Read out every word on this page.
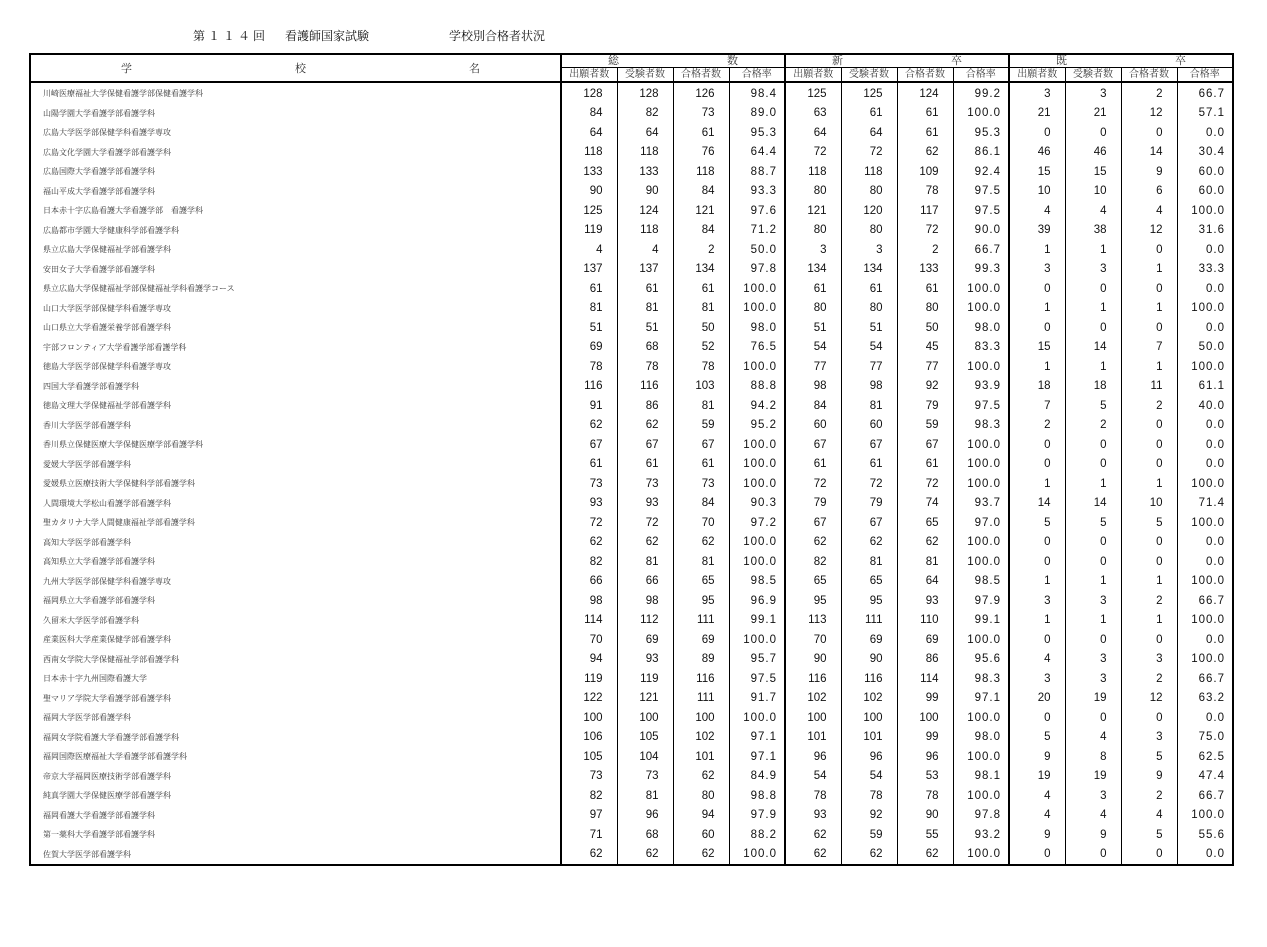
第１１４回 看護師国家試験	学校別合格者状況
学 校 名	総 数				新 卒				既 卒			

	出願者数	受験者数	合格者数	合格率	出願者数	受験者数	合格者数	合格率	出願者数	受験者数	合格者数	合格率
川崎医療福祉大学保健看護学部保健看護学科	128	128	126	98.4	125	125	124	99.2	3	3	2	66.7
山陽学園大学看護学部看護学科	84	82	73	89.0	63	61	61	100.0	21	21	12	57.1
広島大学医学部保健学科看護学専攻	64	64	61	95.3	64	64	61	95.3	0	0	0	0.0
広島文化学園大学看護学部看護学科	118	118	76	64.4	72	72	62	86.1	46	46	14	30.4
広島国際大学看護学部看護学科	133	133	118	88.7	118	118	109	92.4	15	15	9	60.0
福山平成大学看護学部看護学科	90	90	84	93.3	80	80	78	97.5	10	10	6	60.0
日本赤十字広島看護大学看護学部　看護学科	125	124	121	97.6	121	120	117	97.5	4	4	4	100.0
広島都市学園大学健康科学部看護学科	119	118	84	71.2	80	80	72	90.0	39	38	12	31.6
県立広島大学保健福祉学部看護学科	4	4	2	50.0	3	3	2	66.7	1	1	0	0.0
安田女子大学看護学部看護学科	137	137	134	97.8	134	134	133	99.3	3	3	1	33.3
県立広島大学保健福祉学部保健福祉学科看護学コース	61	61	61	100.0	61	61	61	100.0	0	0	0	0.0
山口大学医学部保健学科看護学専攻	81	81	81	100.0	80	80	80	100.0	1	1	1	100.0
山口県立大学看護栄養学部看護学科	51	51	50	98.0	51	51	50	98.0	0	0	0	0.0
宇部フロンティア大学看護学部看護学科	69	68	52	76.5	54	54	45	83.3	15	14	7	50.0
徳島大学医学部保健学科看護学専攻	78	78	78	100.0	77	77	77	100.0	1	1	1	100.0
四国大学看護学部看護学科	116	116	103	88.8	98	98	92	93.9	18	18	11	61.1
徳島文理大学保健福祉学部看護学科	91	86	81	94.2	84	81	79	97.5	7	5	2	40.0
香川大学医学部看護学科	62	62	59	95.2	60	60	59	98.3	2	2	0	0.0
香川県立保健医療大学保健医療学部看護学科	67	67	67	100.0	67	67	67	100.0	0	0	0	0.0
愛媛大学医学部看護学科	61	61	61	100.0	61	61	61	100.0	0	0	0	0.0
愛媛県立医療技術大学保健科学部看護学科	73	73	73	100.0	72	72	72	100.0	1	1	1	100.0
人間環境大学松山看護学部看護学科	93	93	84	90.3	79	79	74	93.7	14	14	10	71.4
聖カタリナ大学人間健康福祉学部看護学科	72	72	70	97.2	67	67	65	97.0	5	5	5	100.0
高知大学医学部看護学科	62	62	62	100.0	62	62	62	100.0	0	0	0	0.0
高知県立大学看護学部看護学科	82	81	81	100.0	82	81	81	100.0	0	0	0	0.0
九州大学医学部保健学科看護学専攻	66	66	65	98.5	65	65	64	98.5	1	1	1	100.0
福岡県立大学看護学部看護学科	98	98	95	96.9	95	95	93	97.9	3	3	2	66.7
久留米大学医学部看護学科	114	112	111	99.1	113	111	110	99.1	1	1	1	100.0
産業医科大学産業保健学部看護学科	70	69	69	100.0	70	69	69	100.0	0	0	0	0.0
西南女学院大学保健福祉学部看護学科	94	93	89	95.7	90	90	86	95.6	4	3	3	100.0
日本赤十字九州国際看護大学	119	119	116	97.5	116	116	114	98.3	3	3	2	66.7
聖マリア学院大学看護学部看護学科	122	121	111	91.7	102	102	99	97.1	20	19	12	63.2
福岡大学医学部看護学科	100	100	100	100.0	100	100	100	100.0	0	0	0	0.0
福岡女学院看護大学看護学部看護学科	106	105	102	97.1	101	101	99	98.0	5	4	3	75.0
福岡国際医療福祉大学看護学部看護学科	105	104	101	97.1	96	96	96	100.0	9	8	5	62.5
帝京大学福岡医療技術学部看護学科	73	73	62	84.9	54	54	53	98.1	19	19	9	47.4
純真学園大学保健医療学部看護学科	82	81	80	98.8	78	78	78	100.0	4	3	2	66.7
福岡看護大学看護学部看護学科	97	96	94	97.9	93	92	90	97.8	4	4	4	100.0
第一薬科大学看護学部看護学科	71	68	60	88.2	62	59	55	93.2	9	9	5	55.6
佐賀大学医学部看護学科	62	62	62	100.0	62	62	62	100.0	0	0	0	0.0
